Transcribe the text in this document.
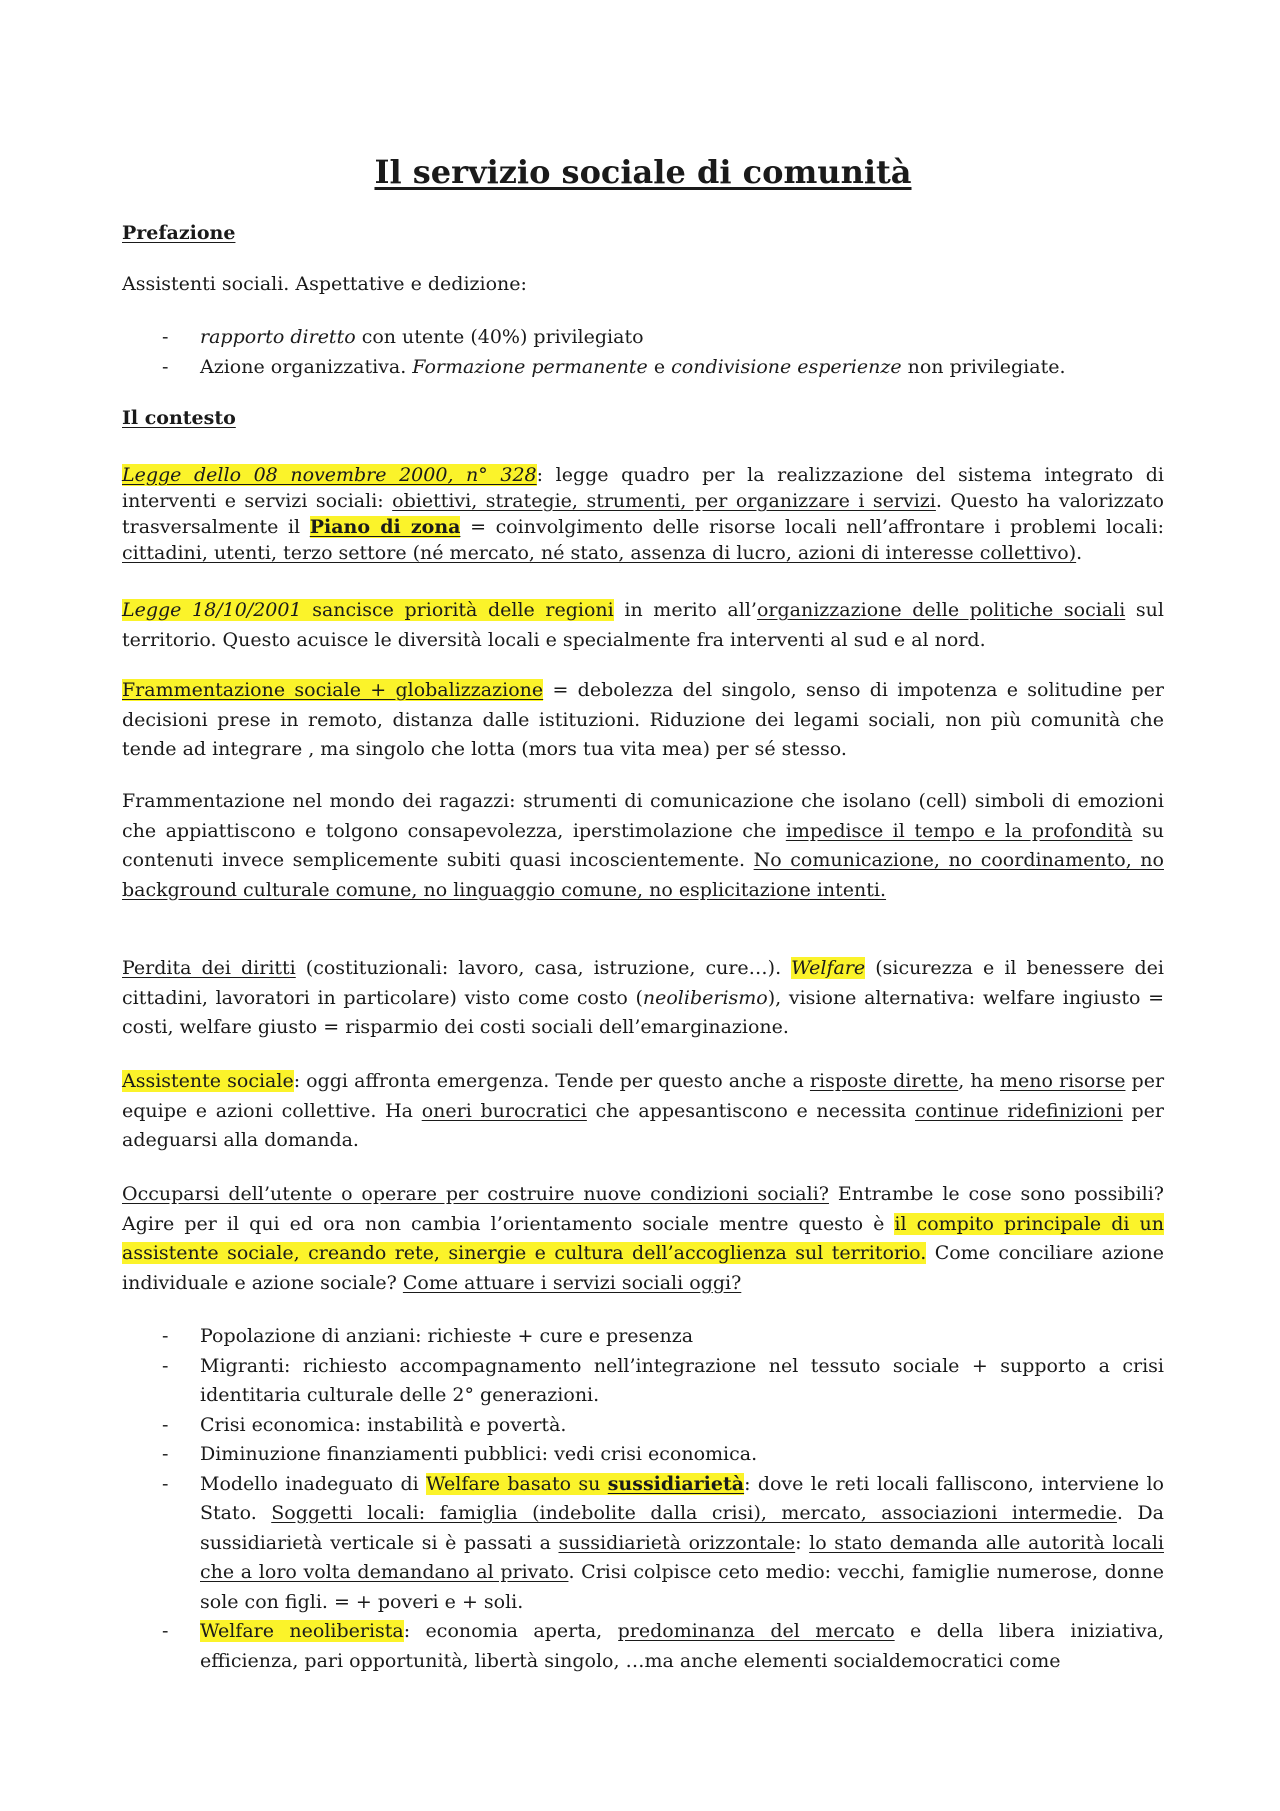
Il servizio sociale di comunità
Prefazione

Assistenti sociali. Aspettative e dedizione:

- rapporto diretto con utente (40%) privilegiato
- Azione organizzativa. Formazione permanente e condivisione esperienze non privilegiate.
Il contesto

Legge dello 08 novembre 2000, n° 328: legge quadro per la realizzazione del sistema integrato di interventi e servizi sociali: obiettivi, strategie, strumenti, per organizzare i servizi. Questo ha valorizzato trasversalmente il Piano di zona = coinvolgimento delle risorse locali nell’affrontare i problemi locali: cittadini, utenti, terzo settore (né mercato, né stato, assenza di lucro, azioni di interesse collettivo).

Legge 18/10/2001 sancisce priorità delle regioni in merito all’organizzazione delle politiche sociali sul territorio. Questo acuisce le diversità locali e specialmente fra interventi al sud e al nord.

Frammentazione sociale + globalizzazione = debolezza del singolo, senso di impotenza e solitudine per decisioni prese in remoto, distanza dalle istituzioni. Riduzione dei legami sociali, non più comunità che tende ad integrare , ma singolo che lotta (mors tua vita mea) per sé stesso.

Frammentazione nel mondo dei ragazzi: strumenti di comunicazione che isolano (cell) simboli di emozioni che appiattiscono e tolgono consapevolezza, iperstimolazione che impedisce il tempo e la profondità su contenuti invece semplicemente subiti quasi incoscientemente. No comunicazione, no coordinamento, no background culturale comune, no linguaggio comune, no esplicitazione intenti.

Perdita dei diritti (costituzionali: lavoro, casa, istruzione, cure…). Welfare (sicurezza e il benessere dei cittadini, lavoratori in particolare) visto come costo (neoliberismo), visione alternativa: welfare ingiusto = costi, welfare giusto = risparmio dei costi sociali dell’emarginazione.

Assistente sociale: oggi affronta emergenza. Tende per questo anche a risposte dirette, ha meno risorse per equipe e azioni collettive. Ha oneri burocratici che appesantiscono e necessita continue ridefinizioni per adeguarsi alla domanda.

Occuparsi dell’utente o operare per costruire nuove condizioni sociali? Entrambe le cose sono possibili? Agire per il qui ed ora non cambia l’orientamento sociale mentre questo è il compito principale di un assistente sociale, creando rete, sinergie e cultura dell’accoglienza sul territorio. Come conciliare azione individuale e azione sociale? Come attuare i servizi sociali oggi?

- Popolazione di anziani: richieste + cure e presenza
- Migranti: richiesto accompagnamento nell’integrazione nel tessuto sociale + supporto a crisi identitaria culturale delle 2° generazioni.
- Crisi economica: instabilità e povertà.
- Diminuzione finanziamenti pubblici: vedi crisi economica.
- Modello inadeguato di Welfare basato su sussidiarietà: dove le reti locali falliscono, interviene lo Stato. Soggetti locali: famiglia (indebolite dalla crisi), mercato, associazioni intermedie. Da sussidiarietà verticale si è passati a sussidiarietà orizzontale: lo stato demanda alle autorità locali che a loro volta demandano al privato. Crisi colpisce ceto medio: vecchi, famiglie numerose, donne sole con figli. = + poveri e + soli.
- Welfare neoliberista: economia aperta, predominanza del mercato e della libera iniziativa, efficienza, pari opportunità, libertà singolo, …ma anche elementi socialdemocratici come
